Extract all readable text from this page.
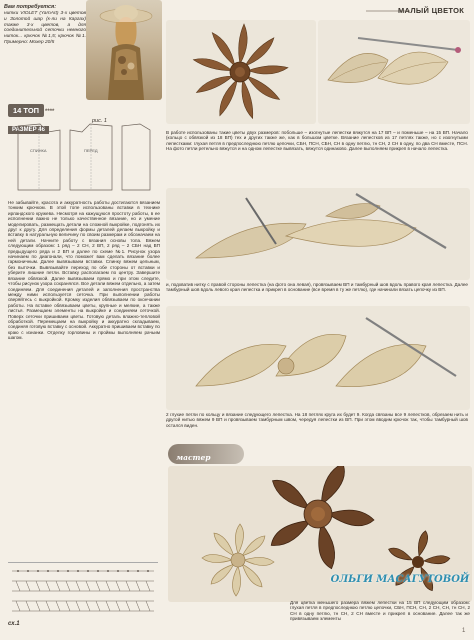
Вам потребуется:
нитки VIOLET (YarnArt) 3-х цветов и Золотой шар (к-ли на Каргах) также 3-х цветов, а для соединительной сеточки немного ниток... крючок №1,5; крючок №1. Примерно: Мохер 20/5
14 ТОП **** РАЗМЕР 46
рис. 1
СПИНКА	ПЕРЕД
МАЛЫЙ ЦВЕТОК
В работе использованы такие цветы двух размеров: побольше – изогнутые лепестки вяжутся на 17 ВП – и поменьше – на 15 ВП. Начало (кольцо с обвязкой из 18 ВП) тех и других также же, как в большом цветке. Вязание лепестков из 17 петлях также, но с изогнутыми лепестками: глухая петля в предпоследнюю петлю цепочки, СБН, ПСН, СБН, СН в одну петлю, тн СН, 2 СН в одну, по два СН вместе, ПСН. На фото петли ретельно вяжутся и на одном лепестке вывязать, вяжутся одинаково. Далее выполняем прикреп в начало лепестка.
и, подхватив нитку с правой стороны лепестка (на фото она левая), провязываем ВП и тамбурный шов вдоль правого края лепестка. Далее тамбурный шов вдоль левого края лепестка и прикреп в основание (все время в ту же петлю), где начинали вязать цепочку из ВП.
2 глухие петли по кольцу и вязание следующего лепестка. На 18 петлях круга их будет 9. Когда связаны все 9 лепестков, обрезаем нить и другой нитью вяжем 9 ВП и провязываем тамбурным швом, чередуя лепестки из ВП. При этом вводим крючок так, чтобы тамбурный шов остался виден.
Не забывайте, красота и аккуратность работы достигаются вязанием тонким крючком. В этой топе использованы вставки в технике ирландского кружева. Несмотря на кажущуюся простоту работы, в ее исполнении важно не только качественное вязание, но и умение моделировать, размещать детали на сложной выкройке, подгонять их друг к другу. Для определения формы деталей делаем выкройку и вставку в натуральную величину по своим размерам и обозначаем на ней детали. Начните работу с вязания основы топа. Вяжем следующим образом: 1 ряд – 2 СН, 2 ВП, 2 ряд – 2 СБН над ВП предыдущего ряда и 2 ВП и далее по схеме №1. Рисунок узора начинаем по диагонали, что поможет вам сделать вязание более гармоничным. Далее вывязываем вставки. Спинку вяжем цельным, без выточки. Вывязывайте переход по обе стороны от вставки и уберите лишние петли. Вставку располагаем по центру. Завершите вязание обвязкой. Далее вывязываем прямо и при этом следите, чтобы рисунок узора сохранялся. Все детали вяжем отдельно, а затем соединяем. Для соединения деталей и заполнения пространства между ними используется сеточка. При выполнении работы сверяйтесь с выкройкой. Кромку изделия обвязываем по окончании работы. На вставке обвязываем цветы, крупные и мелкие, а также листья. Размещаем элементы на выкройке и соединяем сеточкой. Поверх сеточки пришиваем цветы. Готовую деталь влажно-тепловой обработкой. Перемещаем на выкройку и аккуратно складываем, соединяя готовую вставку с основой. Аккуратно пришиваем вставку по краю с изнанки. Отделку горловины и проймы выполняем рачьим шагом.
мастер
ОЛЬГИ МАСАГУТОВОЙ
Для цветка меньшего размера вяжем лепестки на 15 ВП следующим образом: глухая петля в предпоследнюю петлю цепочки, СБН, ПСН, СН, 2 СН, СН, тн СН, 2 СН в одну петлю, тн СН, 2 СН вместе и прикреп в основание. Далее так же привязываем элементы
сх.1
1
